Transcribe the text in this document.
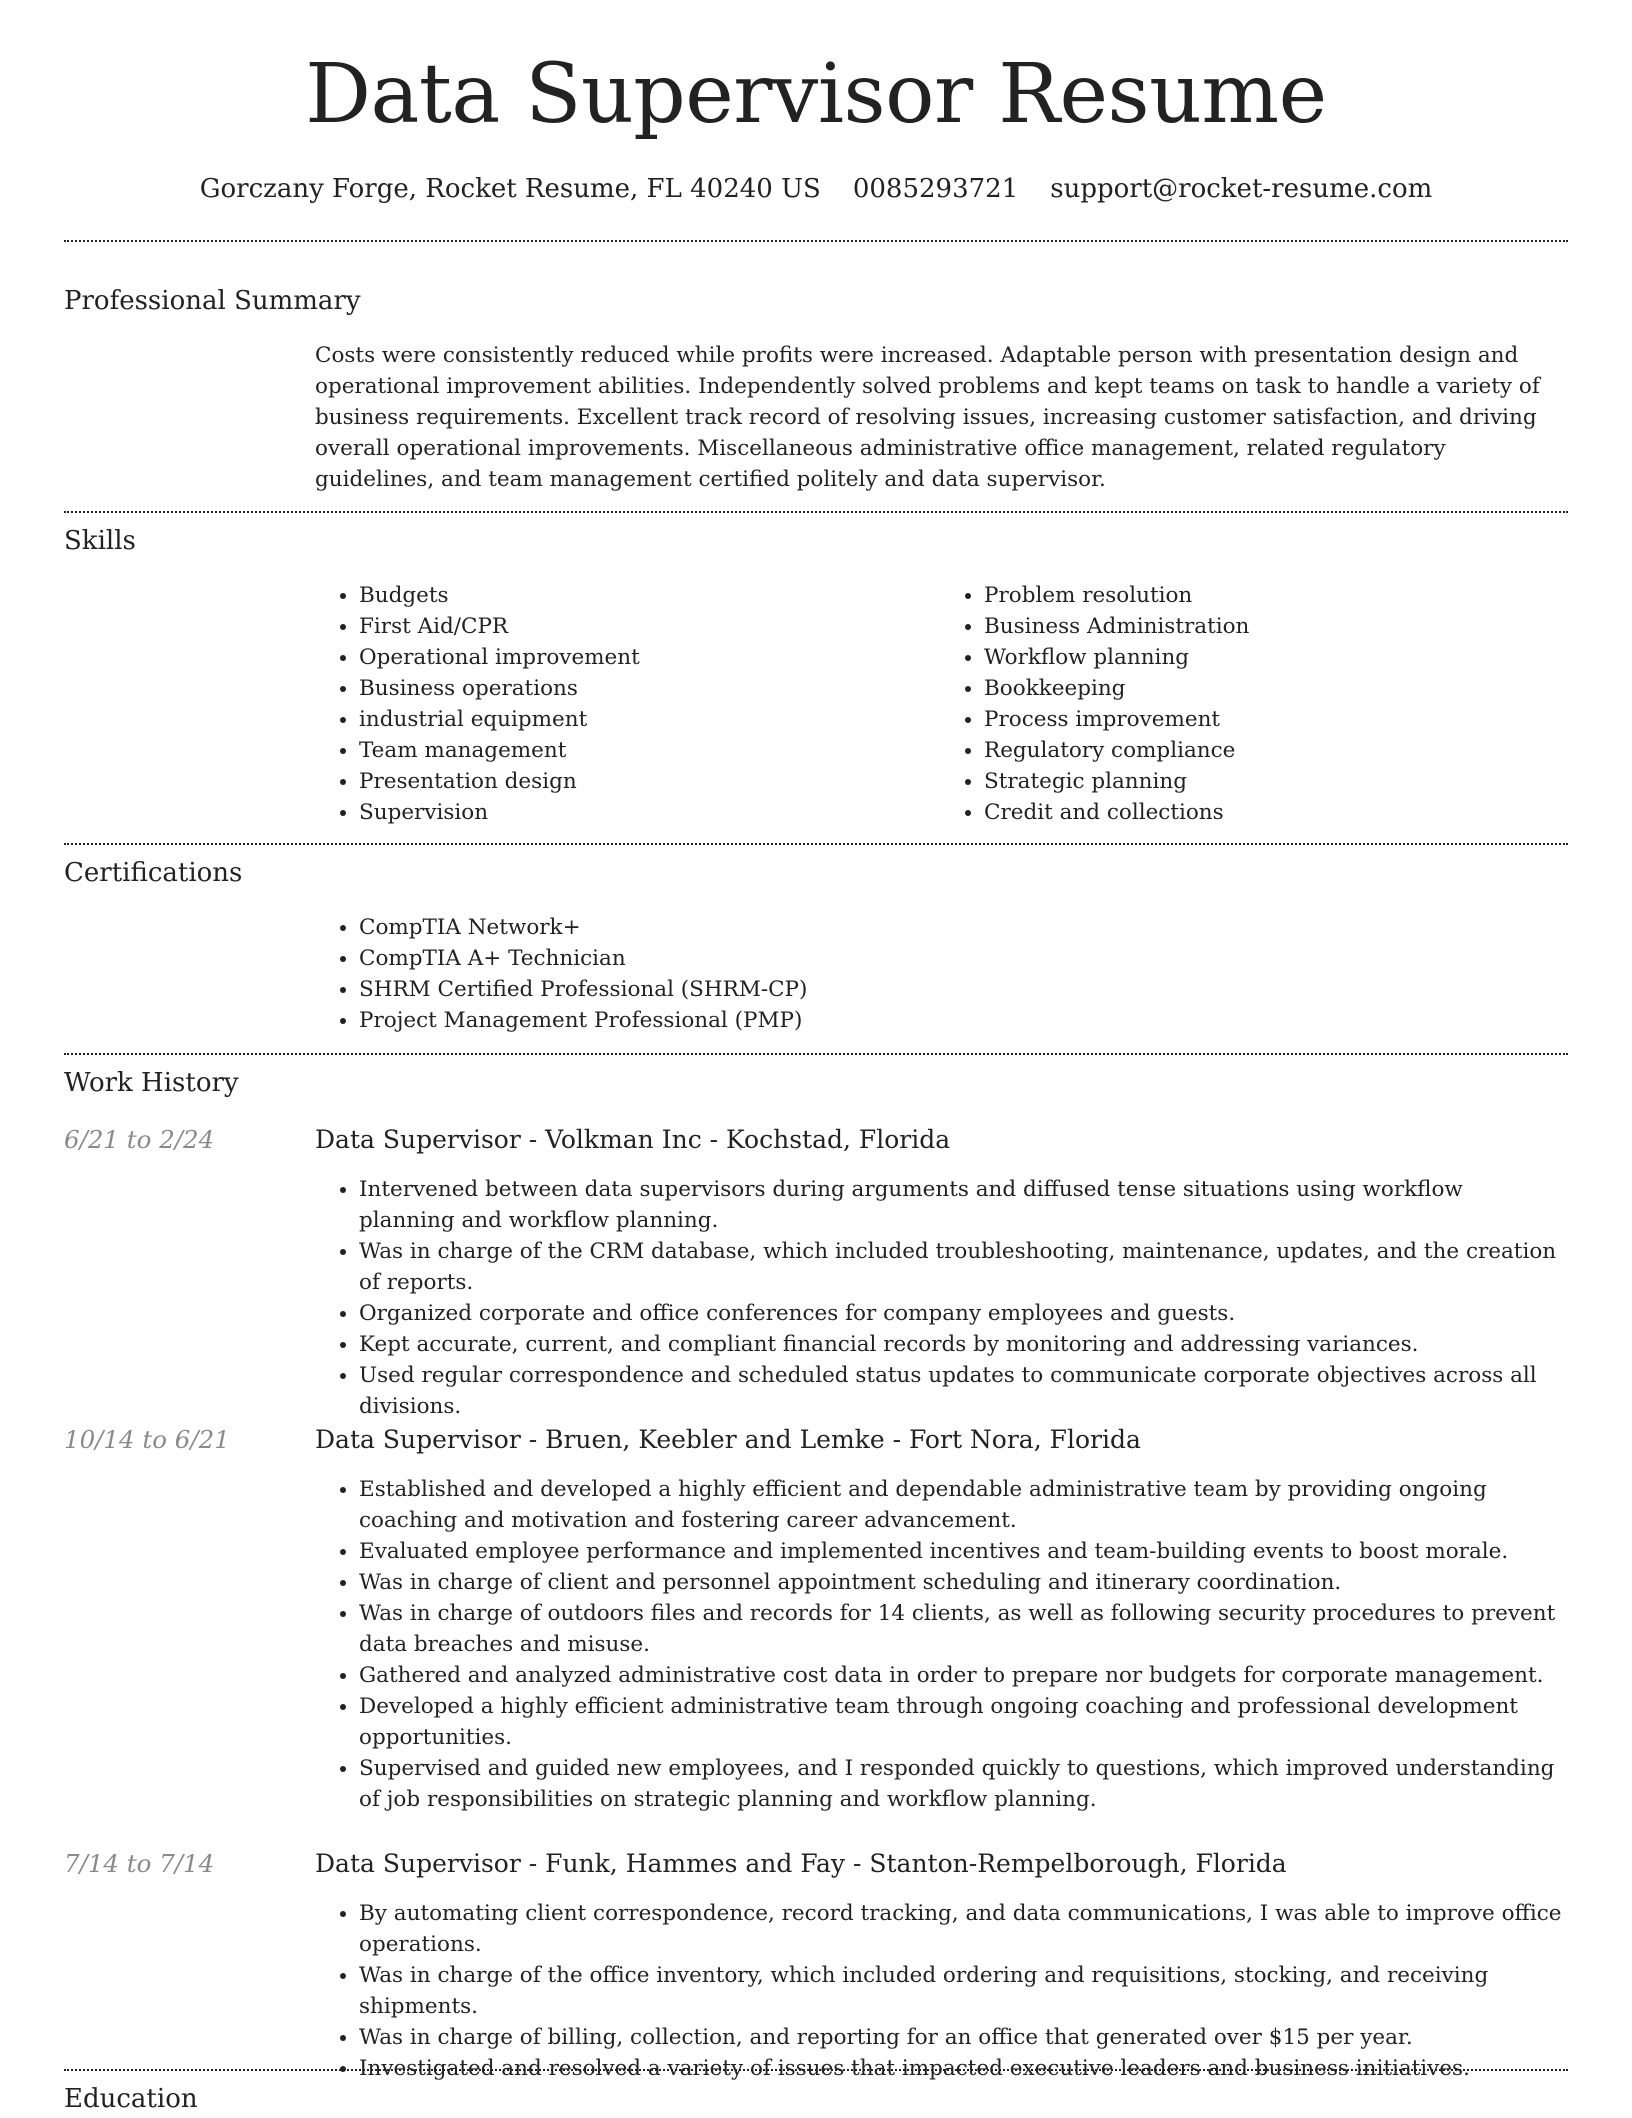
Data Supervisor Resume
Gorczany Forge, Rocket Resume, FL 40240 US 0085293721 support@rocket-resume.com
Professional Summary

Costs were consistently reduced while profits were increased. Adaptable person with presentation design and operational improvement abilities. Independently solved problems and kept teams on task to handle a variety of business requirements. Excellent track record of resolving issues, increasing customer satisfaction, and driving overall operational improvements. Miscellaneous administrative office management, related regulatory guidelines, and team management certified politely and data supervisor.

Skills
• Budgets
• First Aid/CPR
• Operational improvement
• Business operations
• industrial equipment
• Team management
• Presentation design
• Supervision
• Problem resolution
• Business Administration
• Workflow planning
• Bookkeeping
• Process improvement
• Regulatory compliance
• Strategic planning
• Credit and collections
Certifications
• CompTIA Network+
• CompTIA A+ Technician
• SHRM Certified Professional (SHRM-CP)
• Project Management Professional (PMP)
Work History
6/21 to 2/24	Data Supervisor - Volkman Inc - Kochstad, Florida
• Intervened between data supervisors during arguments and diffused tense situations using workflow planning and workflow planning.
• Was in charge of the CRM database, which included troubleshooting, maintenance, updates, and the creation of reports.
• Organized corporate and office conferences for company employees and guests.
• Kept accurate, current, and compliant financial records by monitoring and addressing variances.
• Used regular correspondence and scheduled status updates to communicate corporate objectives across all divisions.
10/14 to 6/21	Data Supervisor - Bruen, Keebler and Lemke - Fort Nora, Florida
• Established and developed a highly efficient and dependable administrative team by providing ongoing coaching and motivation and fostering career advancement.
• Evaluated employee performance and implemented incentives and team-building events to boost morale.
• Was in charge of client and personnel appointment scheduling and itinerary coordination.
• Was in charge of outdoors files and records for 14 clients, as well as following security procedures to prevent data breaches and misuse.
• Gathered and analyzed administrative cost data in order to prepare nor budgets for corporate management.
• Developed a highly efficient administrative team through ongoing coaching and professional development opportunities.
• Supervised and guided new employees, and I responded quickly to questions, which improved understanding of job responsibilities on strategic planning and workflow planning.
7/14 to 7/14	Data Supervisor - Funk, Hammes and Fay - Stanton-Rempelborough, Florida
• By automating client correspondence, record tracking, and data communications, I was able to improve office operations.
• Was in charge of the office inventory, which included ordering and requisitions, stocking, and receiving shipments.
• Was in charge of billing, collection, and reporting for an office that generated over $15 per year.
• Investigated and resolved a variety of issues that impacted executive leaders and business initiatives.
Education
